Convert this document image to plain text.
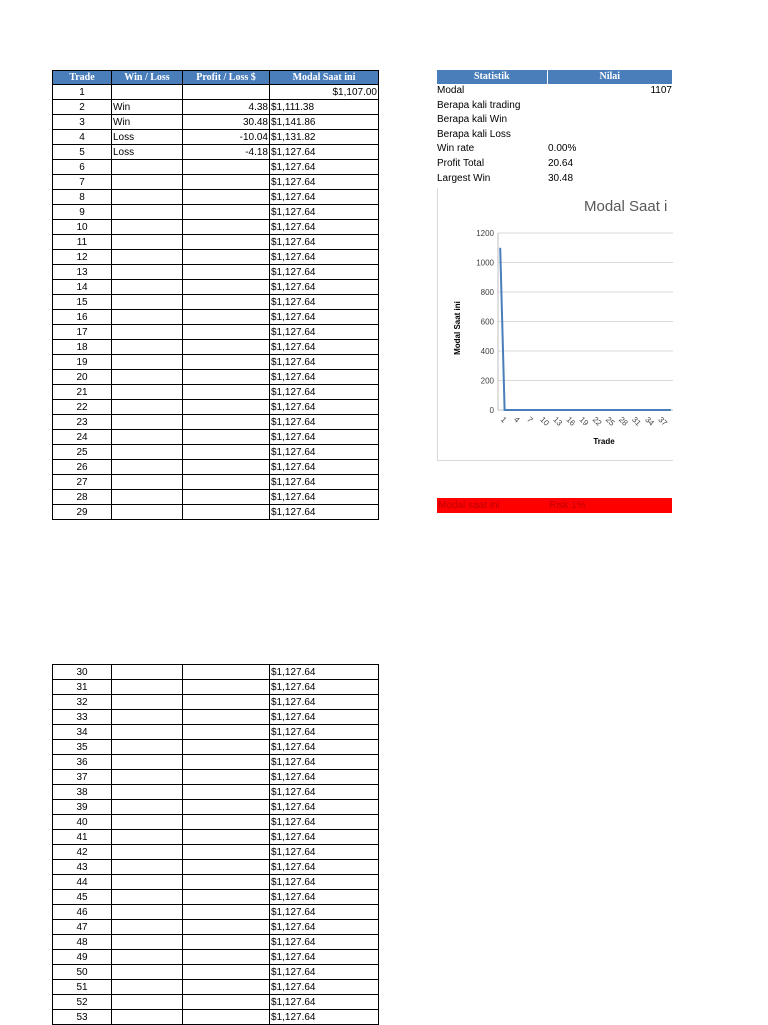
Trade	Win / Loss	Profit / Loss $	Modal Saat ini
1			$1,107.00
2	Win	4.38	$1,111.38
3	Win	30.48	$1,141.86
4	Loss	-10.04	$1,131.82
5	Loss	-4.18	$1,127.64
6			$1,127.64
7			$1,127.64
8			$1,127.64
9			$1,127.64
10			$1,127.64
11			$1,127.64
12			$1,127.64
13			$1,127.64
14			$1,127.64
15			$1,127.64
16			$1,127.64
17			$1,127.64
18			$1,127.64
19			$1,127.64
20			$1,127.64
21			$1,127.64
22			$1,127.64
23			$1,127.64
24			$1,127.64
25			$1,127.64
26			$1,127.64
27			$1,127.64
28			$1,127.64
29			$1,127.64
30			$1,127.64
31			$1,127.64
32			$1,127.64
33			$1,127.64
34			$1,127.64
35			$1,127.64
36			$1,127.64
37			$1,127.64
38			$1,127.64
39			$1,127.64
40			$1,127.64
41			$1,127.64
42			$1,127.64
43			$1,127.64
44			$1,127.64
45			$1,127.64
46			$1,127.64
47			$1,127.64
48			$1,127.64
49			$1,127.64
50			$1,127.64
51			$1,127.64
52			$1,127.64
53			$1,127.64
Statistik	Nilai
Modal	1107
Berapa kali trading
Berapa kali Win
Berapa kali Loss
Win rate	0.00%
Profit Total	20.64
Largest Win	30.48
Modal Saat i
0
200
400
800
1000
1200
600
1 4 7 10 13 16 19 22 25 28 31 34 37
Trade
Modal Saat ini
Modal saat ini	Risk 1%
